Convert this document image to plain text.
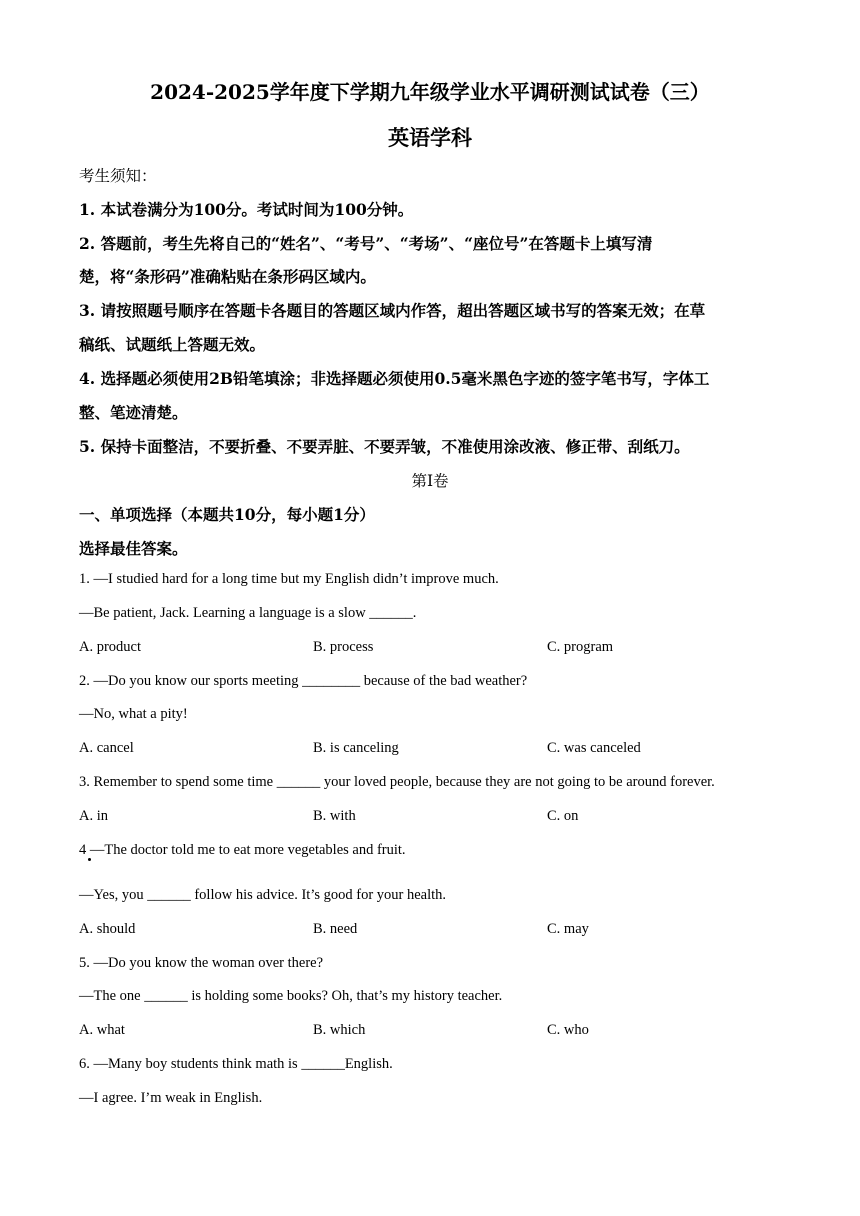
2024-2025学年度下学期九年级学业水平调研测试试卷（三）
英语学科
考生须知：
1. 本试卷满分为100分。考试时间为100分钟。
2. 答题前，考生先将自己的“姓名”、“考号”、“考场”、“座位号”在答题卡上填写清
楚，将“条形码”准确粘贴在条形码区域内。
3. 请按照题号顺序在答题卡各题目的答题区域内作答，超出答题区域书写的答案无效；在草
稿纸、试题纸上答题无效。
4. 选择题必须使用2B铅笔填涂；非选择题必须使用0.5毫米黑色字迹的签字笔书写，字体工
整、笔迹清楚。
5. 保持卡面整洁，不要折叠、不要弄脏、不要弄皱，不准使用涂改液、修正带、刮纸刀。
第Ⅰ卷
一、单项选择（本题共10分，每小题1分）
选择最佳答案。
1. —I studied hard for a long time but my English didn’t improve much.
—Be patient, Jack. Learning a language is a slow ______.
A. product	B. process	C. program
2. —Do you know our sports meeting ________ because of the bad weather?
—No, what a pity!
A. cancel	B. is canceling	C. was canceled
3. Remember to spend some time ______ your loved people, because they are not going to be around forever.
A. in	B. with	C. on
4 —The doctor told me to eat more vegetables and fruit.
—Yes, you ______ follow his advice. It’s good for your health.
A. should	B. need	C. may
5. —Do you know the woman over there?
—The one ______ is holding some books? Oh, that’s my history teacher.
A. what	B. which	C. who
6. —Many boy students think math is ______English.
—I agree. I’m weak in English.
